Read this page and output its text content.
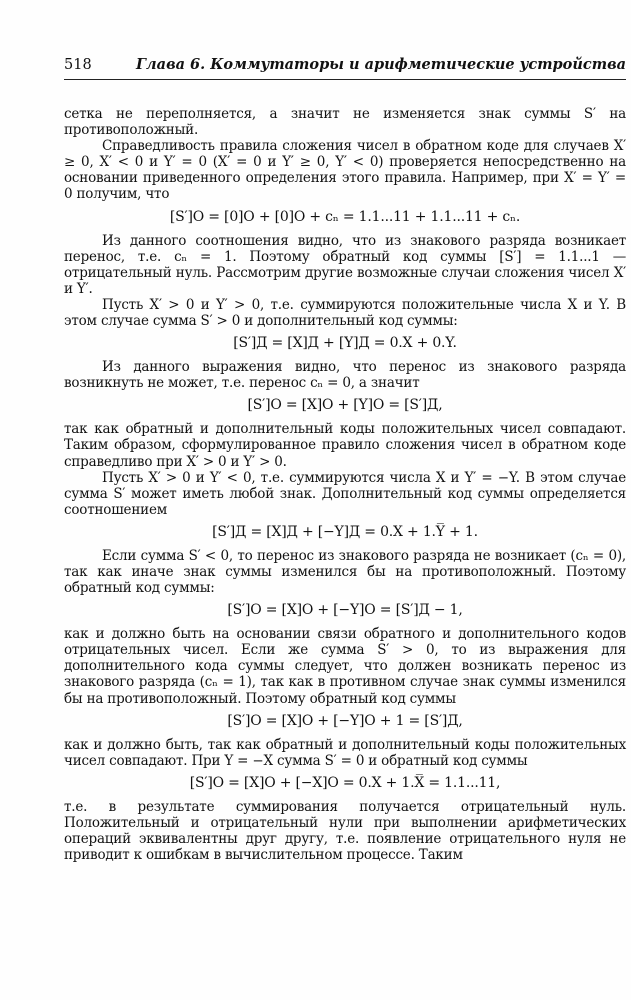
518	Глава 6. Коммутаторы и арифметические устройства

сетка не переполняется, а значит не изменяется знак суммы S′ на противоположный.

Справедливость правила сложения чисел в обратном коде для случаев X′ ≥ 0, X′ < 0 и Y′ = 0 (X′ = 0 и Y′ ≥ 0, Y′ < 0) проверяется непосредственно на основании приведенного определения этого правила. Например, при X′ = Y′ = 0 получим, что

[S′]О = [0]О + [0]О + cₙ = 1.1...11 + 1.1...11 + cₙ.

Из данного соотношения видно, что из знакового разряда возникает перенос, т.е. cₙ = 1. Поэтому обратный код суммы [S′] = 1.1...1 — отрицательный нуль. Рассмотрим другие возможные случаи сложения чисел X′ и Y′.

Пусть X′ > 0 и Y′ > 0, т.е. суммируются положительные числа X и Y. В этом случае сумма S′ > 0 и дополнительный код суммы:

[S′]Д = [X]Д + [Y]Д = 0.X + 0.Y.

Из данного выражения видно, что перенос из знакового разряда возникнуть не может, т.е. перенос cₙ = 0, а значит

[S′]О = [X]О + [Y]О = [S′]Д,

так как обратный и дополнительный коды положительных чисел совпадают. Таким образом, сформулированное правило сложения чисел в обратном коде справедливо при X′ > 0 и Y′ > 0.

Пусть X′ > 0 и Y′ < 0, т.е. суммируются числа X и Y′ = −Y. В этом случае сумма S′ может иметь любой знак. Дополнительный код суммы определяется соотношением

[S′]Д = [X]Д + [−Y]Д = 0.X + 1.Y̅ + 1.

Если сумма S′ < 0, то перенос из знакового разряда не возникает (cₙ = 0), так как иначе знак суммы изменился бы на противоположный. Поэтому обратный код суммы:

[S′]О = [X]О + [−Y]О = [S′]Д − 1,

как и должно быть на основании связи обратного и дополнительного кодов отрицательных чисел. Если же сумма S′ > 0, то из выражения для дополнительного кода суммы следует, что должен возникать перенос из знакового разряда (cₙ = 1), так как в противном случае знак суммы изменился бы на противоположный. Поэтому обратный код суммы

[S′]О = [X]О + [−Y]О + 1 = [S′]Д,

как и должно быть, так как обратный и дополнительный коды положительных чисел совпадают. При Y = −X сумма S′ = 0 и обратный код суммы

[S′]О = [X]О + [−X]О = 0.X + 1.X̅ = 1.1...11,

т.е. в результате суммирования получается отрицательный нуль. Положительный и отрицательный нули при выполнении арифметических операций эквивалентны друг другу, т.е. появление отрицательного нуля не приводит к ошибкам в вычислительном процессе. Таким
